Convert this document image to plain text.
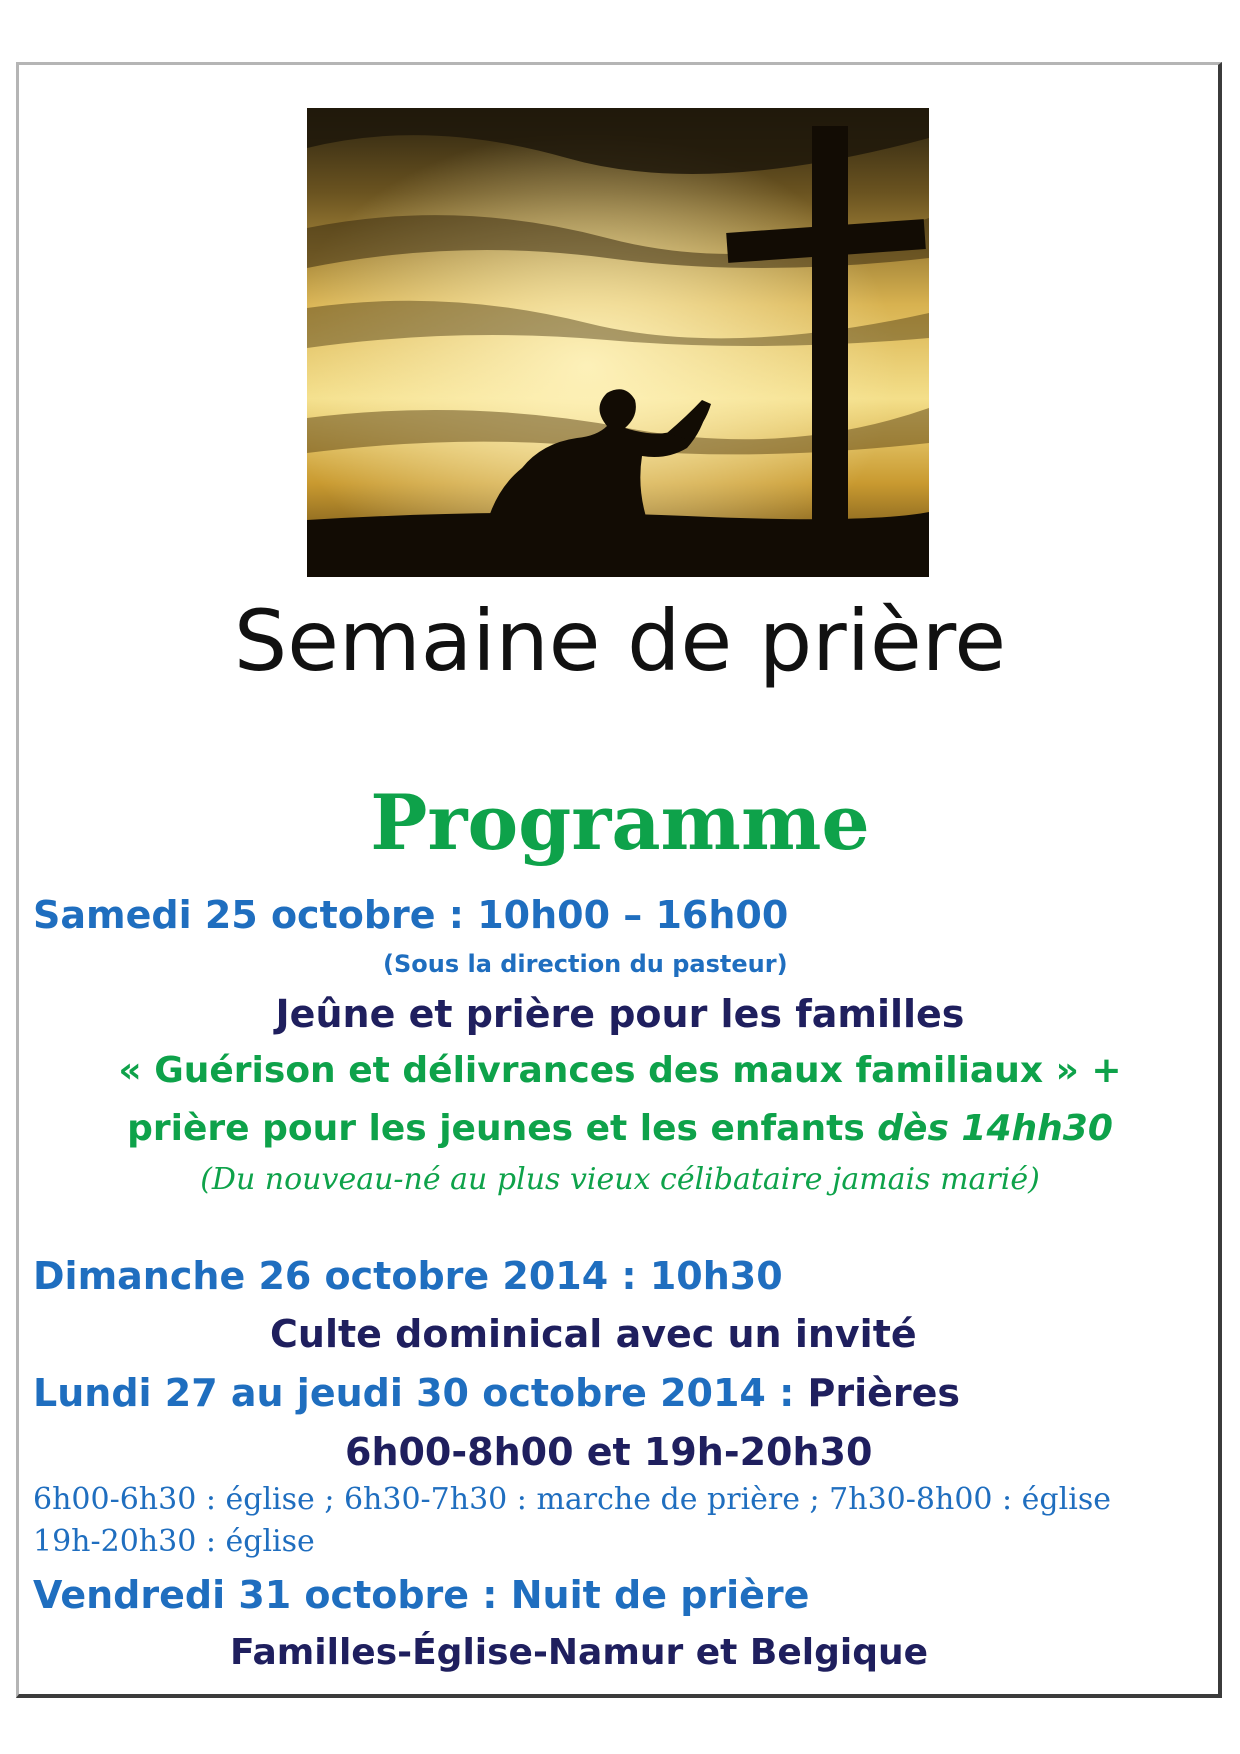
Semaine de prière
Programme
Samedi 25 octobre : 10h00 – 16h00
(Sous la direction du pasteur)
Jeûne et prière pour les familles
« Guérison et délivrances des maux familiaux » +
prière pour les jeunes et les enfants dès 14hh30
(Du nouveau-né au plus vieux célibataire jamais marié)
Dimanche 26 octobre 2014 : 10h30
Culte dominical avec un invité
Lundi 27 au jeudi 30 octobre 2014 : Prières
6h00-8h00 et 19h-20h30
6h00-6h30 : église ; 6h30-7h30 : marche de prière ; 7h30-8h00 : église
19h-20h30 : église
Vendredi 31 octobre : Nuit de prière
Familles-Église-Namur et Belgique
